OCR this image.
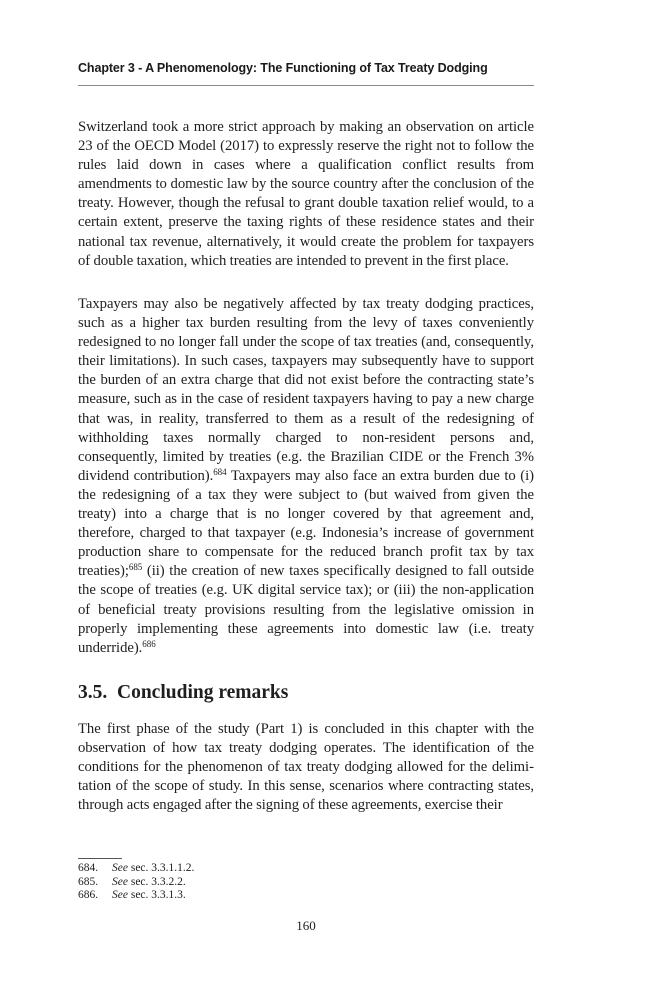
Chapter 3 - A Phenomenology: The Functioning of Tax Treaty Dodging

Switzerland took a more strict approach by making an observation on article 23 of the OECD Model (2017) to expressly reserve the right not to follow the rules laid down in cases where a qualification conflict results from amendments to domestic law by the source country after the conclusion of the treaty. However, though the refusal to grant double taxation relief would, to a certain extent, preserve the taxing rights of these residence states and their national tax revenue, alternatively, it would create the problem for taxpayers of double taxation, which treaties are intended to prevent in the first place.

Taxpayers may also be negatively affected by tax treaty dodging practices, such as a higher tax burden resulting from the levy of taxes conveniently redesigned to no longer fall under the scope of tax treaties (and, consequently, their limitations). In such cases, taxpayers may subsequently have to support the burden of an extra charge that did not exist before the contracting state’s measure, such as in the case of resident taxpayers having to pay a new charge that was, in reality, transferred to them as a result of the redesigning of withholding taxes normally charged to non-resident persons and, consequently, limited by treaties (e.g. the Brazilian CIDE or the French 3% dividend contribution).$^{684}$ Taxpayers may also face an extra burden due to (i) the redesigning of a tax they were subject to (but waived from given the treaty) into a charge that is no longer covered by that agreement and, therefore, charged to that taxpayer (e.g. Indonesia’s increase of government production share to compensate for the reduced branch profit tax by tax treaties);$^{685}$ (ii) the creation of new taxes specifically designed to fall outside the scope of treaties (e.g. UK digital service tax); or (iii) the non-application of beneficial treaty provisions resulting from the legislative omission in properly implementing these agreements into domestic law (i.e. treaty underride).$^{686}$

3.5. Concluding remarks

The first phase of the study (Part 1) is concluded in this chapter with the observation of how tax treaty dodging operates. The identification of the conditions for the phenomenon of tax treaty dodging allowed for the delimitation of the scope of study. In this sense, scenarios where contracting states, through acts engaged after the signing of these agreements, exercise their

684.	See sec. 3.3.1.1.2.
685.	See sec. 3.3.2.2.
686.	See sec. 3.3.1.3.
160
